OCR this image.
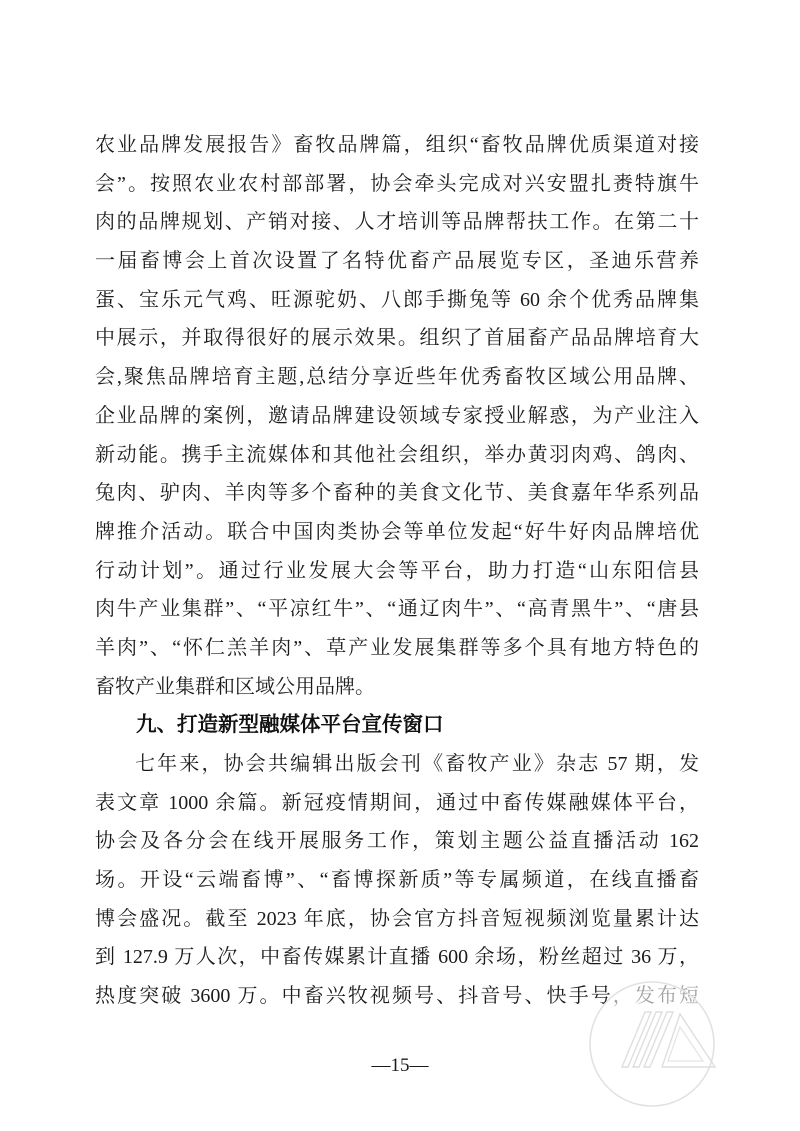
农业品牌发展报告》畜牧品牌篇，组织“畜牧品牌优质渠道对接
会”。按照农业农村部部署，协会牵头完成对兴安盟扎赉特旗牛
肉的品牌规划、产销对接、人才培训等品牌帮扶工作。在第二十
一届畜博会上首次设置了名特优畜产品展览专区，圣迪乐营养
蛋、宝乐元气鸡、旺源驼奶、八郎手撕兔等 60 余个优秀品牌集
中展示，并取得很好的展示效果。组织了首届畜产品品牌培育大
会,聚焦品牌培育主题,总结分享近些年优秀畜牧区域公用品牌、
企业品牌的案例，邀请品牌建设领域专家授业解惑，为产业注入
新动能。携手主流媒体和其他社会组织，举办黄羽肉鸡、鸽肉、
兔肉、驴肉、羊肉等多个畜种的美食文化节、美食嘉年华系列品
牌推介活动。联合中国肉类协会等单位发起“好牛好肉品牌培优
行动计划”。通过行业发展大会等平台，助力打造“山东阳信县
肉牛产业集群”、“平凉红牛”、“通辽肉牛”、“高青黑牛”、“唐县
羊肉”、“怀仁羔羊肉”、草产业发展集群等多个具有地方特色的
畜牧产业集群和区域公用品牌。
九、打造新型融媒体平台宣传窗口
七年来，协会共编辑出版会刊《畜牧产业》杂志 57 期，发
表文章 1000 余篇。新冠疫情期间，通过中畜传媒融媒体平台，
协会及各分会在线开展服务工作，策划主题公益直播活动 162
场。开设“云端畜博”、“畜博探新质”等专属频道，在线直播畜
博会盛况。截至 2023 年底，协会官方抖音短视频浏览量累计达
到 127.9 万人次，中畜传媒累计直播 600 余场，粉丝超过 36 万，
热度突破 3600 万。中畜兴牧视频号、抖音号、快手号，发布短
—15—
